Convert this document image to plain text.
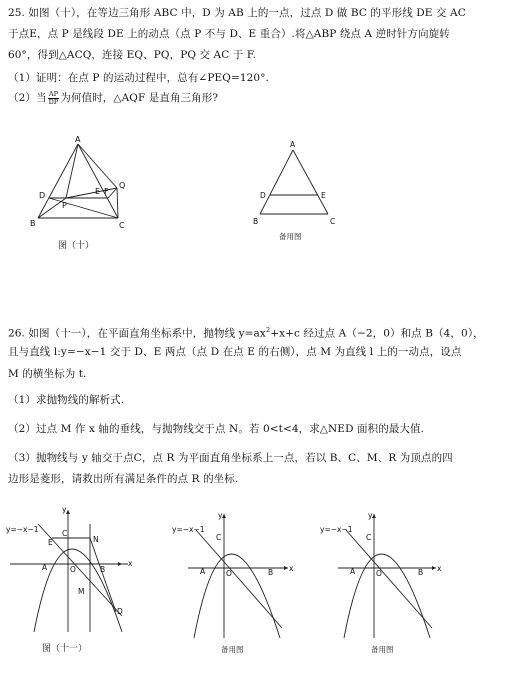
25. 如图（十），在等边三角形 ABC 中，D 为 AB 上的一点，过点 D 做 BC 的平形线 DE 交 AC
于点E，点 P 是线段 DE 上的动点（点 P 不与 D、E 重合）.将△ABP 绕点 A 逆时针方向旋转
60°，得到△ACQ，连接 EQ、PQ，PQ 交 AC 于 F.
（1）证明：在点 P 的运动过程中，总有∠PEQ=120°.
（2）当 $\frac{AP}{DP}$ 为何值时，△AQF 是直角三角形?
A
B	C
D	E F
P
Q
图（十）
A
D	E
B	C
备用图
26. 如图（十一），在平面直角坐标系中，抛物线 $y=ax^2+x+c$ 经过点 A（−2，0）和点 B（4，0），
且与直线 l:y=−x−1 交于 D、E 两点（点 D 在点 E 的右侧），点 M 为直线 l 上的一动点，设点
M 的横坐标为 t.
（1）求抛物线的解析式.
（2）过点 M 作 x 轴的垂线，与抛物线交于点 N。若 0<t<4，求△NED 面积的最大值.
（3）抛物线与 y 轴交于点C，点 R 为平面直角坐标系上一点，若以 B、C、M、R 为顶点的四
边形是菱形，请救出所有满足条件的点 R 的坐标.
y=−x−1
y
x
C
E	N
A	O	B
M
D
图（十一）
y=−x−1
y
x
C
A	O	B
备用图
y=−x−1
y
x
C
A	O	B
备用图
